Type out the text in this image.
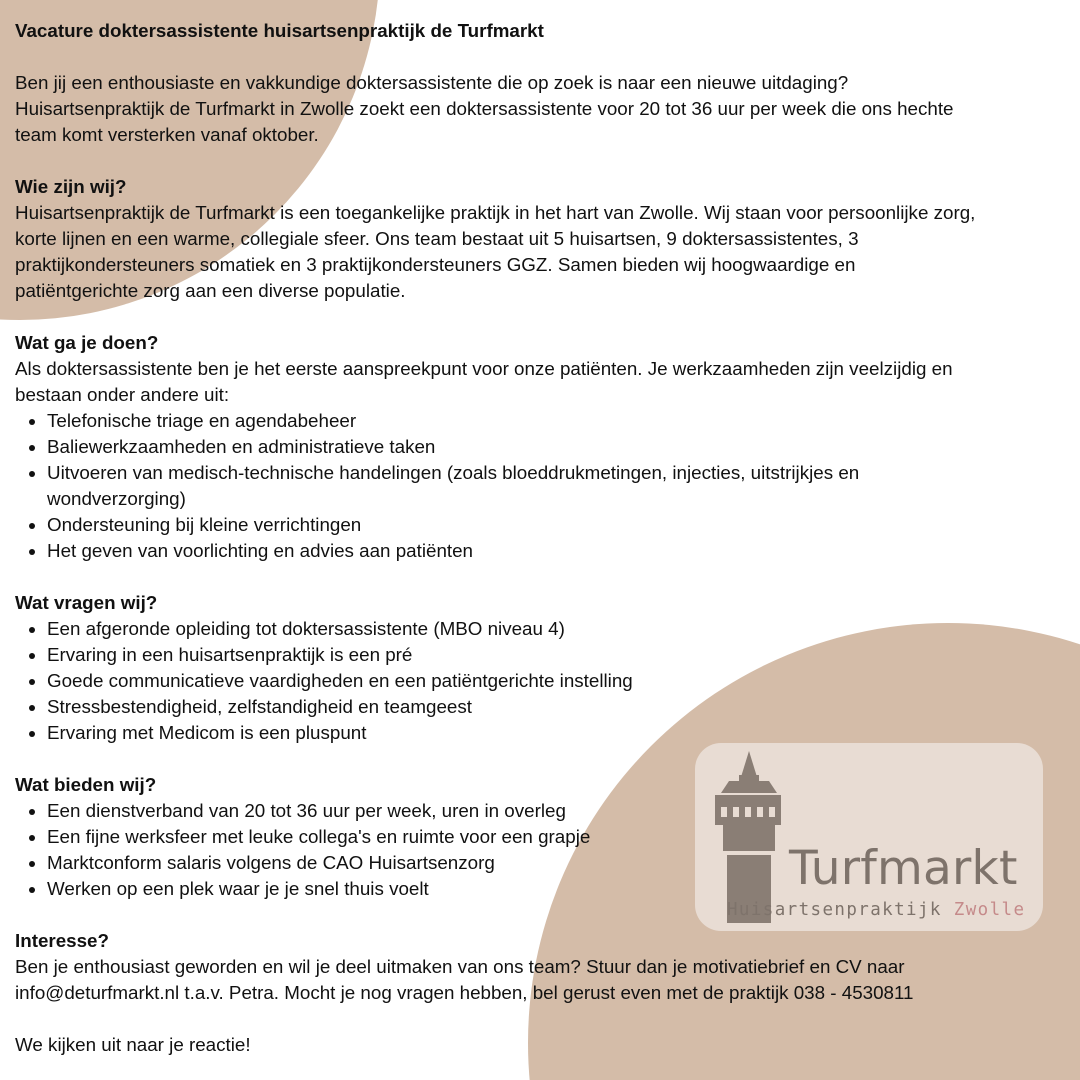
Turfmarkt
Huisartsenpraktijk Zwolle

Vacature doktersassistente huisartsenpraktijk de Turfmarkt

Ben jij een enthousiaste en vakkundige doktersassistente die op zoek is naar een nieuwe uitdaging?
Huisartsenpraktijk de Turfmarkt in Zwolle zoekt een doktersassistente voor 20 tot 36 uur per week die ons hechte
team komt versterken vanaf oktober.

Wie zijn wij?

Huisartsenpraktijk de Turfmarkt is een toegankelijke praktijk in het hart van Zwolle. Wij staan voor persoonlijke zorg,
korte lijnen en een warme, collegiale sfeer. Ons team bestaat uit 5 huisartsen, 9 doktersassistentes, 3
praktijkondersteuners somatiek en 3 praktijkondersteuners GGZ. Samen bieden wij hoogwaardige en
patiëntgerichte zorg aan een diverse populatie.

Wat ga je doen?

Als doktersassistente ben je het eerste aanspreekpunt voor onze patiënten. Je werkzaamheden zijn veelzijdig en
bestaan onder andere uit:

• Telefonische triage en agendabeheer
• Baliewerkzaamheden en administratieve taken
• Uitvoeren van medisch-technische handelingen (zoals bloeddrukmetingen, injecties, uitstrijkjes en
wondverzorging)
• Ondersteuning bij kleine verrichtingen
• Het geven van voorlichting en advies aan patiënten

Wat vragen wij?

• Een afgeronde opleiding tot doktersassistente (MBO niveau 4)
• Ervaring in een huisartsenpraktijk is een pré
• Goede communicatieve vaardigheden en een patiëntgerichte instelling
• Stressbestendigheid, zelfstandigheid en teamgeest
• Ervaring met Medicom is een pluspunt

Wat bieden wij?

• Een dienstverband van 20 tot 36 uur per week, uren in overleg
• Een fijne werksfeer met leuke collega's en ruimte voor een grapje
• Marktconform salaris volgens de CAO Huisartsenzorg
• Werken op een plek waar je je snel thuis voelt

Interesse?

Ben je enthousiast geworden en wil je deel uitmaken van ons team? Stuur dan je motivatiebrief en CV naar
info@deturfmarkt.nl t.a.v. Petra. Mocht je nog vragen hebben, bel gerust even met de praktijk 038 - 4530811

We kijken uit naar je reactie!
